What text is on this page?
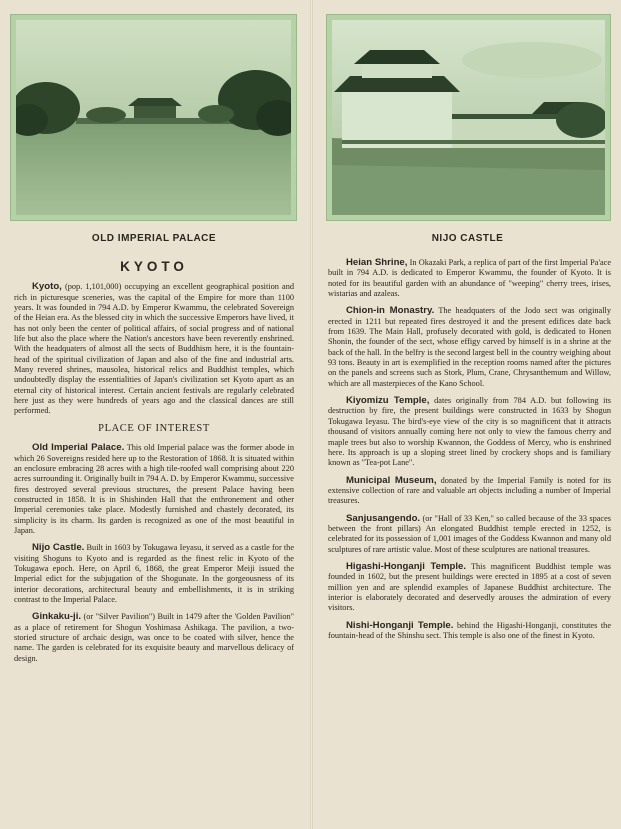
OLD IMPERIAL PALACE
KYOTO

Kyoto, (pop. 1,101,000) occupying an excellent geographical position and rich in picturesque sceneries, was the capital of the Empire for more than 1100 years. It was founded in 794 A.D. by Emperor Kwammu, the celebrated Sovereign of the Heian era. As the blessed city in which the successive Emperors have lived, it has not only been the center of political affairs, of social progress and of national life but also the place where the Nation's ancestors have been reverently enshrined. With the headquaters of almost all the sects of Buddhism here, it is the fountain-head of the spiritual civilization of Japan and also of the fine and industrial arts. Many revered shrines, mausolea, historical relics and Buddhist temples, which undoubtedly display the essentialities of Japan's civilization set Kyoto apart as an eternal city of historical interest. Certain ancient festivals are regularly celebrated here just as they were hundreds of years ago and the classical dances are still performed.

PLACE OF INTEREST

Old Imperial Palace. This old Imperial palace was the former abode in which 26 Sovereigns resided here up to the Restoration of 1868. It is situated within an enclosure embracing 28 acres with a high tile-roofed wall comprising about 220 acres surrounding it. Originally built in 794 A. D. by Emperor Kwammu, successive fires destroyed several previous structures, the present Palace having been constructed in 1858. It is in Shishinden Hall that the enthronement and other Imperial ceremonies take place. Modestly furnished and chastely decorated, its simplicity is its charm. Its garden is recognized as one of the most beautiful in Japan.

Nijo Castle. Built in 1603 by Tokugawa Ieyasu, it served as a castle for the visiting Shoguns to Kyoto and is regarded as the finest relic in Kyoto of the Tokugawa epoch. Here, on April 6, 1868, the great Emperor Meiji issued the Imperial edict for the subjugation of the Shogunate. In the gorgeousness of its interior decorations, architectural beauty and embellishments, it is in striking contrast to the Imperial Palace.

Ginkaku-ji. (or "Silver Pavilion") Built in 1479 after the 'Golden Pavilion" as a place of retirement for Shogun Yoshimasa Ashikaga. The pavilion, a two-storied structure of archaic design, was once to be coated with silver, hence the name. The garden is celebrated for its exquisite beauty and marvellous delicacy of design.

NIJO CASTLE

Heian Shrine, In Okazaki Park, a replica of part of the first Imperial Pa'ace built in 794 A.D. is dedicated to Emperor Kwammu, the founder of Kyoto. It is noted for its beautiful garden with an abundance of "weeping" cherry trees, irises, wistarias and azaleas.

Chion-in Monastry. The headquaters of the Jodo sect was originally erected in 1211 but repeated fires destroyed it and the present edifices date back from 1639. The Main Hall, profusely decorated with gold, is dedicated to Honen Shonin, the founder of the sect, whose effigy carved by himself is in a shrine at the back of the hall. In the belfry is the second largest bell in the country weighing about 93 tons. Beauty in art is exemplified in the reception rooms named after the pictures on the panels and screens such as Stork, Plum, Crane, Chrysanthemum and Willow, which are all masterpieces of the Kano School.

Kiyomizu Temple, dates originally from 784 A.D. but following its destruction by fire, the present buildings were constructed in 1633 by Shogun Tokugawa Ieyasu. The bird's-eye view of the city is so magnificent that it attracts thousand of visitors annually coming here not only to view the famous cherry and maple trees but also to worship Kwannon, the Goddess of Mercy, who is enshrined here. Its approach is up a sloping street lined by crockery shops and is familiary known as "Tea-pot Lane".

Municipal Museum, donated by the Imperial Family is noted for its extensive collection of rare and valuable art objects including a number of Imperial treasures.

Sanjusangendo. (or "Hall of 33 Ken," so called because of the 33 spaces between the front pillars) An elongated Buddhist temple erected in 1252, is celebrated for its possession of 1,001 images of the Goddess Kwannon and many old sculptures of rare artistic value. Most of these sculptures are national treasures.

Higashi-Honganji Temple. This magnificent Buddhist temple was founded in 1602, but the present buildings were erected in 1895 at a cost of seven million yen and are splendid examples of Japanese Buddhist architecture. The interior is elaborately decorated and deservedly arouses the admiration of every visitors.

Nishi-Honganji Temple. behind the Higashi-Honganji, constitutes the fountain-head of the Shinshu sect. This temple is also one of the finest in Kyoto.
